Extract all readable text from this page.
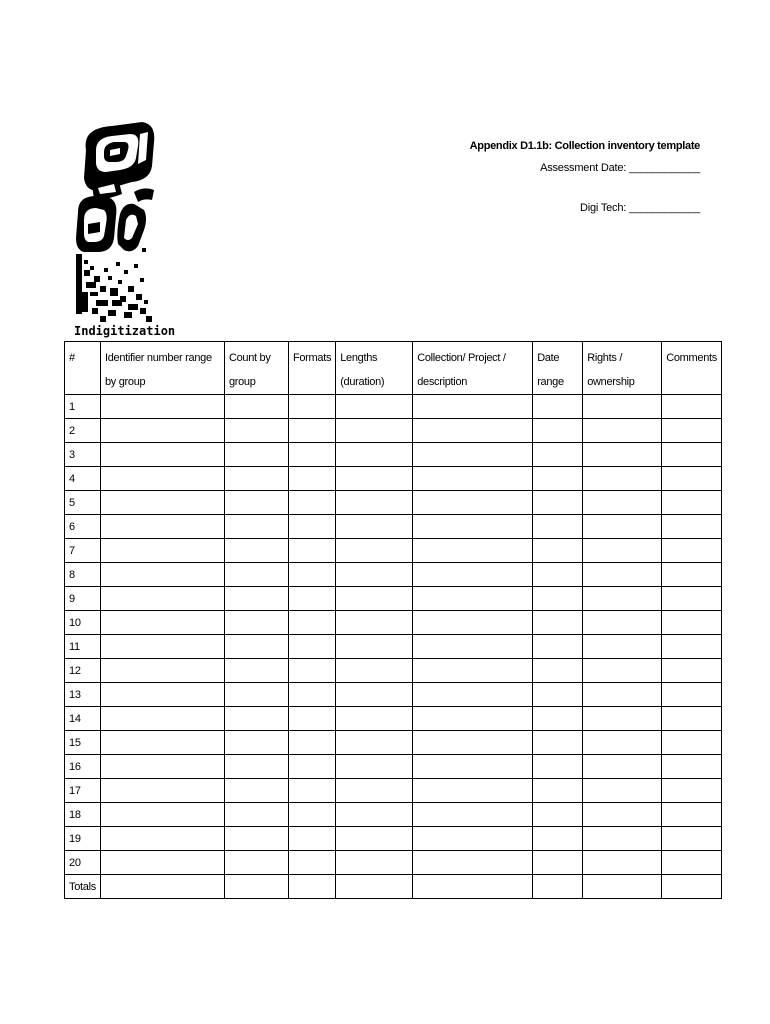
Indigitization
Appendix D1.1b: Collection inventory template
Assessment Date: ____________
Digi Tech: ____________
#	Identifier number range by group	Count by group	Formats	Lengths (duration)	Collection/ Project / description	Date range	Rights / ownership	Comments
1								
2								
3								
4								
5								
6								
7								
8								
9								
10								
11								
12								
13								
14								
15								
16								
17								
18								
19								
20								
Totals								
